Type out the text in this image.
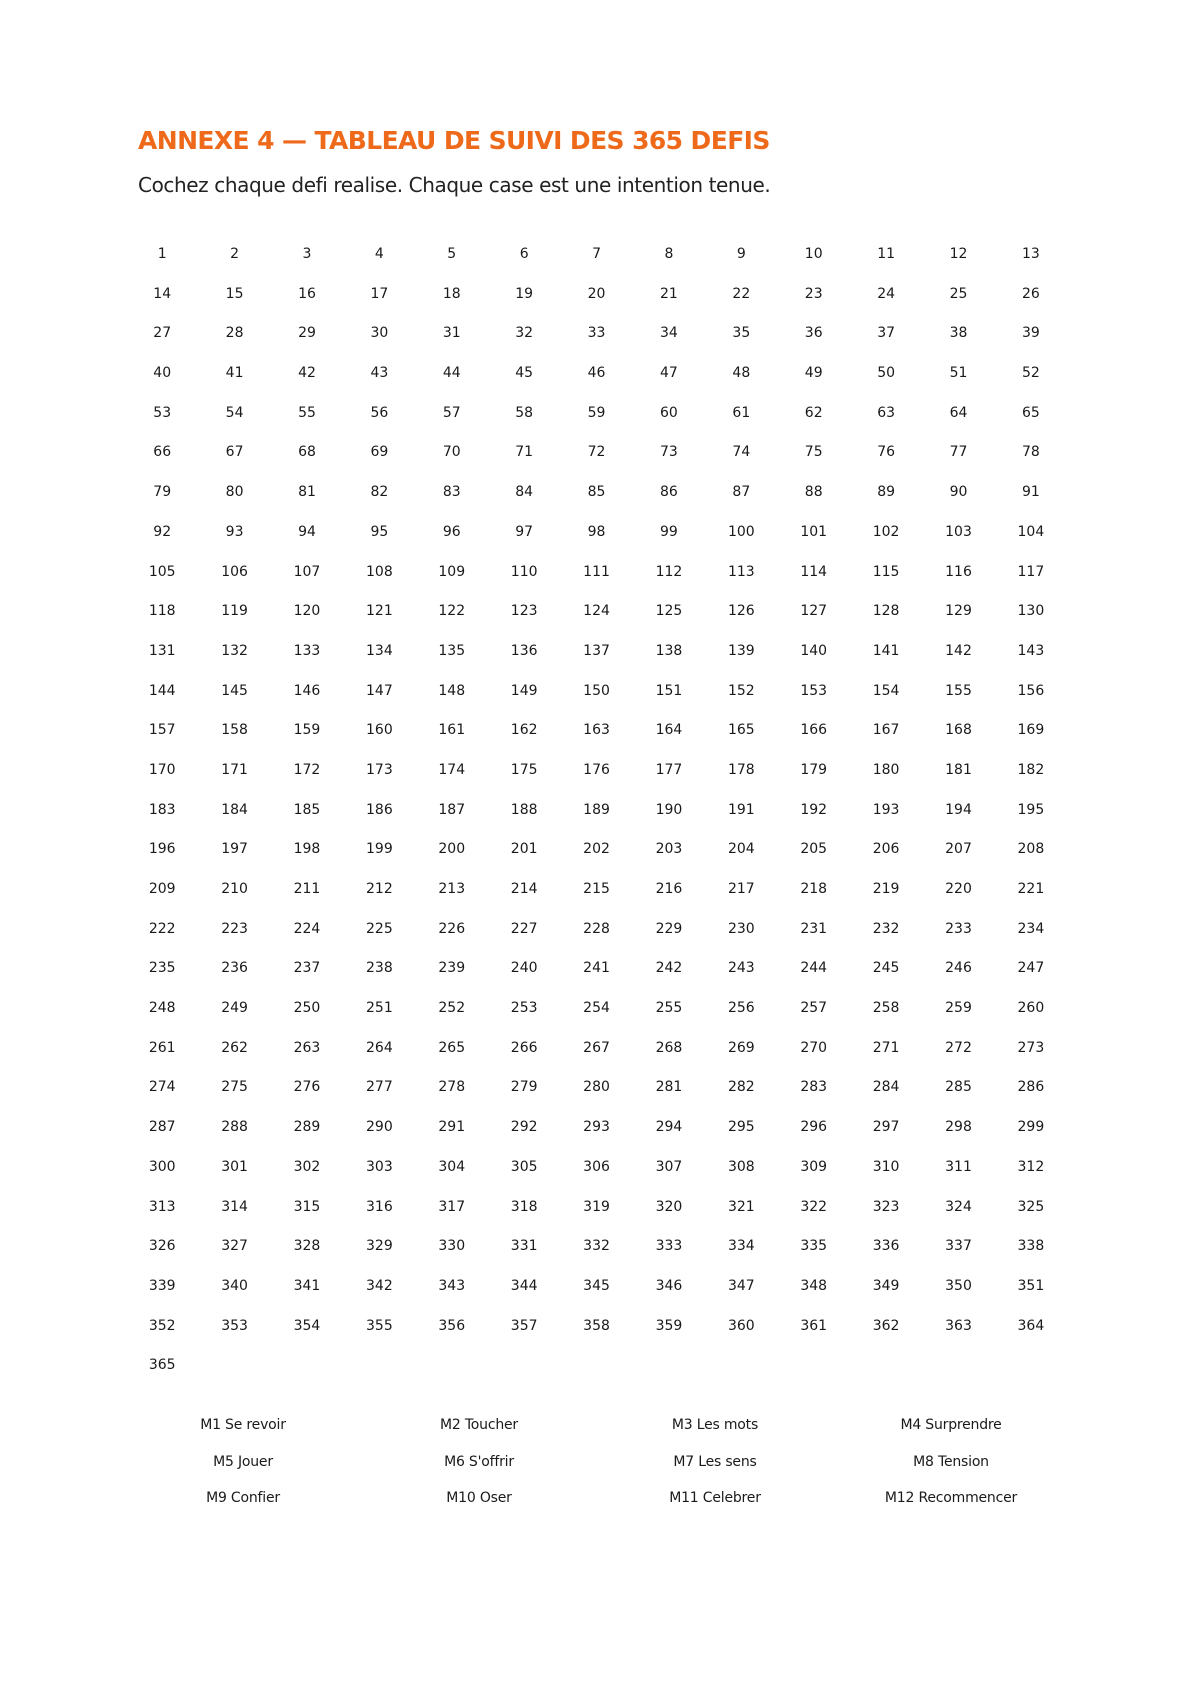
ANNEXE 4 — TABLEAU DE SUIVI DES 365 DEFIS

Cochez chaque defi realise. Chaque case est une intention tenue.

1	2	3	4	5	6	7	8	9	10	11	12	13
14	15	16	17	18	19	20	21	22	23	24	25	26
27	28	29	30	31	32	33	34	35	36	37	38	39
40	41	42	43	44	45	46	47	48	49	50	51	52
53	54	55	56	57	58	59	60	61	62	63	64	65
66	67	68	69	70	71	72	73	74	75	76	77	78
79	80	81	82	83	84	85	86	87	88	89	90	91
92	93	94	95	96	97	98	99	100	101	102	103	104
105	106	107	108	109	110	111	112	113	114	115	116	117
118	119	120	121	122	123	124	125	126	127	128	129	130
131	132	133	134	135	136	137	138	139	140	141	142	143
144	145	146	147	148	149	150	151	152	153	154	155	156
157	158	159	160	161	162	163	164	165	166	167	168	169
170	171	172	173	174	175	176	177	178	179	180	181	182
183	184	185	186	187	188	189	190	191	192	193	194	195
196	197	198	199	200	201	202	203	204	205	206	207	208
209	210	211	212	213	214	215	216	217	218	219	220	221
222	223	224	225	226	227	228	229	230	231	232	233	234
235	236	237	238	239	240	241	242	243	244	245	246	247
248	249	250	251	252	253	254	255	256	257	258	259	260
261	262	263	264	265	266	267	268	269	270	271	272	273
274	275	276	277	278	279	280	281	282	283	284	285	286
287	288	289	290	291	292	293	294	295	296	297	298	299
300	301	302	303	304	305	306	307	308	309	310	311	312
313	314	315	316	317	318	319	320	321	322	323	324	325
326	327	328	329	330	331	332	333	334	335	336	337	338
339	340	341	342	343	344	345	346	347	348	349	350	351
352	353	354	355	356	357	358	359	360	361	362	363	364
365
M1 Se revoir	M2 Toucher	M3 Les mots	M4 Surprendre
M5 Jouer	M6 S'offrir	M7 Les sens	M8 Tension
M9 Confier	M10 Oser	M11 Celebrer	M12 Recommencer
